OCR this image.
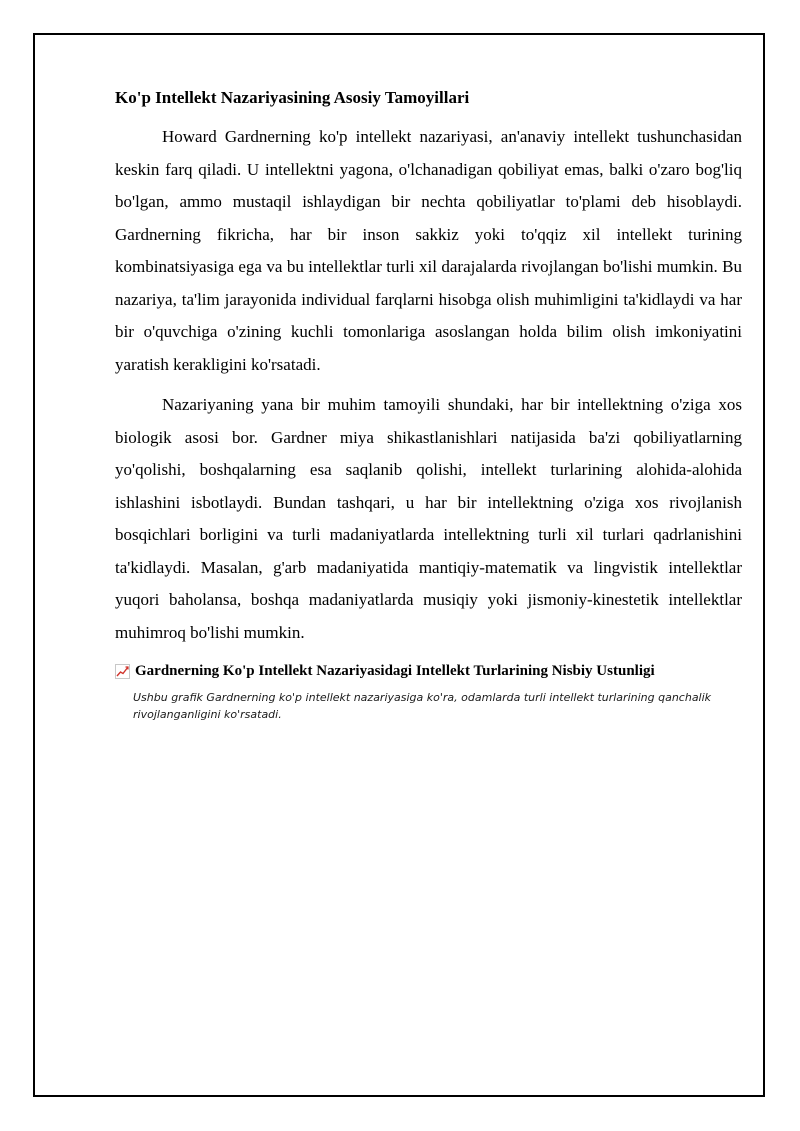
Ko'p Intellekt Nazariyasining Asosiy Tamoyillari

Howard Gardnerning ko'p intellekt nazariyasi, an'anaviy intellekt tushunchasidan keskin farq qiladi. U intellektni yagona, o'lchanadigan qobiliyat emas, balki o'zaro bog'liq bo'lgan, ammo mustaqil ishlaydigan bir nechta qobiliyatlar to'plami deb hisoblaydi. Gardnerning fikricha, har bir inson sakkiz yoki to'qqiz xil intellekt turining kombinatsiyasiga ega va bu intellektlar turli xil darajalarda rivojlangan bo'lishi mumkin. Bu nazariya, ta'lim jarayonida individual farqlarni hisobga olish muhimligini ta'kidlaydi va har bir o'quvchiga o'zining kuchli tomonlariga asoslangan holda bilim olish imkoniyatini yaratish kerakligini ko'rsatadi.

Nazariyaning yana bir muhim tamoyili shundaki, har bir intellektning o'ziga xos biologik asosi bor. Gardner miya shikastlanishlari natijasida ba'zi qobiliyatlarning yo'qolishi, boshqalarning esa saqlanib qolishi, intellekt turlarining alohida-alohida ishlashini isbotlaydi. Bundan tashqari, u har bir intellektning o'ziga xos rivojlanish bosqichlari borligini va turli madaniyatlarda intellektning turli xil turlari qadrlanishini ta'kidlaydi. Masalan, g'arb madaniyatida mantiqiy-matematik va lingvistik intellektlar yuqori baholansa, boshqa madaniyatlarda musiqiy yoki jismoniy-kinestetik intellektlar muhimroq bo'lishi mumkin.

Gardnerning Ko'p Intellekt Nazariyasidagi Intellekt Turlarining Nisbiy Ustunligi
Ushbu grafik Gardnerning ko'p intellekt nazariyasiga ko'ra, odamlarda turli intellekt turlarining qanchalik rivojlanganligini ko'rsatadi.
